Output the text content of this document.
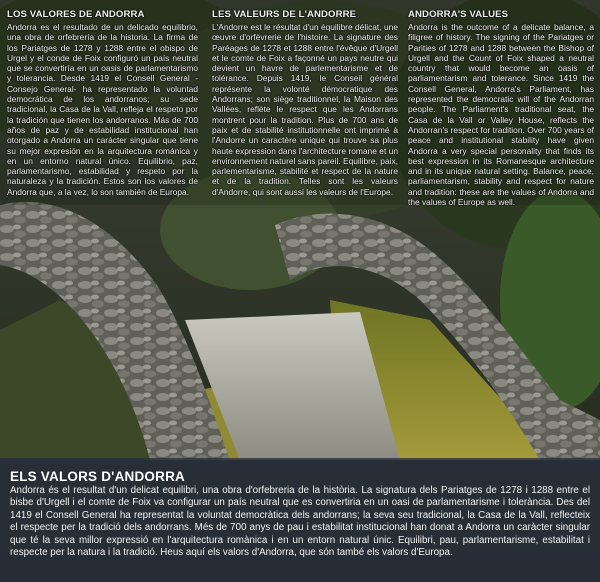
LOS VALORES DE ANDORRA

Andorra es el resultado de un delicado equilibrio, una obra de orfebrería de la historia. La firma de los Pariatges de 1278 y 1288 entre el obispo de Urgel y el conde de Foix configuró un país neutral que se convertiría en un oasis de parlamentarismo y tolerancia. Desde 1419 el Consell General -Consejo General- ha representado la voluntad democrática de los andorranos; su sede tradicional, la Casa de la Vall, refleja el respeto por la tradición que tienen los andorranos. Más de 700 años de paz y de estabilidad institucional han otorgado a Andorra un carácter singular que tiene su mejor expresión en la arquitectura románica y en un entorno natural único. Equilibrio, paz, parlamentarismo, estabilidad y respeto por la naturaleza y la tradición. Estos son los valores de Andorra que, a la vez, lo son también de Europa.

LES VALEURS DE L'ANDORRE

L'Andorre est le résultat d'un équilibre délicat, une œuvre d'orfèvrerie de l'histoire. La signature des Paréages de 1278 et 1288 entre l'évêque d'Urgell et le comte de Foix a façonné un pays neutre qui devient un havre de parlementarisme et de tolérance. Depuis 1419, le Conseil général représente la volonté démocratique des Andorrans; son siège traditionnel, la Maison des Vallées, reflète le respect que les Andorrans montrent pour la tradition. Plus de 700 ans de paix et de stabilité institutionnelle ont imprimé à l'Andorre un caractère unique qui trouve sa plus haute expression dans l'architecture romane et un environnement naturel sans pareil. Equilibre, paix, parlementarisme, stabilité et respect de la nature et de la tradition. Telles sont les valeurs d'Andorre, qui sont aussi les valeurs de l'Europe.

ANDORRA'S VALUES

Andorra is the outcome of a delicate balance, a filigree of history. The signing of the Pariatges or Parities of 1278 and 1288 between the Bishop of Urgell and the Count of Foix shaped a neutral country that would become an oasis of parliamentarism and tolerance. Since 1419 the Consell General, Andorra's Parliament, has represented the democratic will of the Andorran people. The Parliament's traditional seat, the Casa de la Vall or Valley House, reflects the Andorran's respect for tradition. Over 700 years of peace and institutional stability have given Andorra a very special personality that finds its best expression in its Romanesque architecture and in its unique natural setting. Balance, peace, parliamentarism, stability and respect for nature and tradition: these are the values of Andorra and the values of Europe as well.

ELS VALORS D'ANDORRA

Andorra és el resultat d'un delicat equilibri, una obra d'orfebreria de la història. La signatura dels Pariatges de 1278 i 1288 entre el bisbe d'Urgell i el comte de Foix va configurar un país neutral que es convertiria en un oasi de parlamentarisme i tolerància. Des del 1419 el Consell General ha representat la voluntat democràtica dels andorrans; la seva seu tradicional, la Casa de la Vall, reflecteix el respecte per la tradició dels andorrans. Més de 700 anys de pau i estabilitat institucional han donat a Andorra un caràcter singular que té la seva millor expressió en l'arquitectura romànica i en un entorn natural únic. Equilibri, pau, parlamentarisme, estabilitat i respecte per la natura i la tradició. Heus aquí els valors d'Andorra, que són també els valors d'Europa.
